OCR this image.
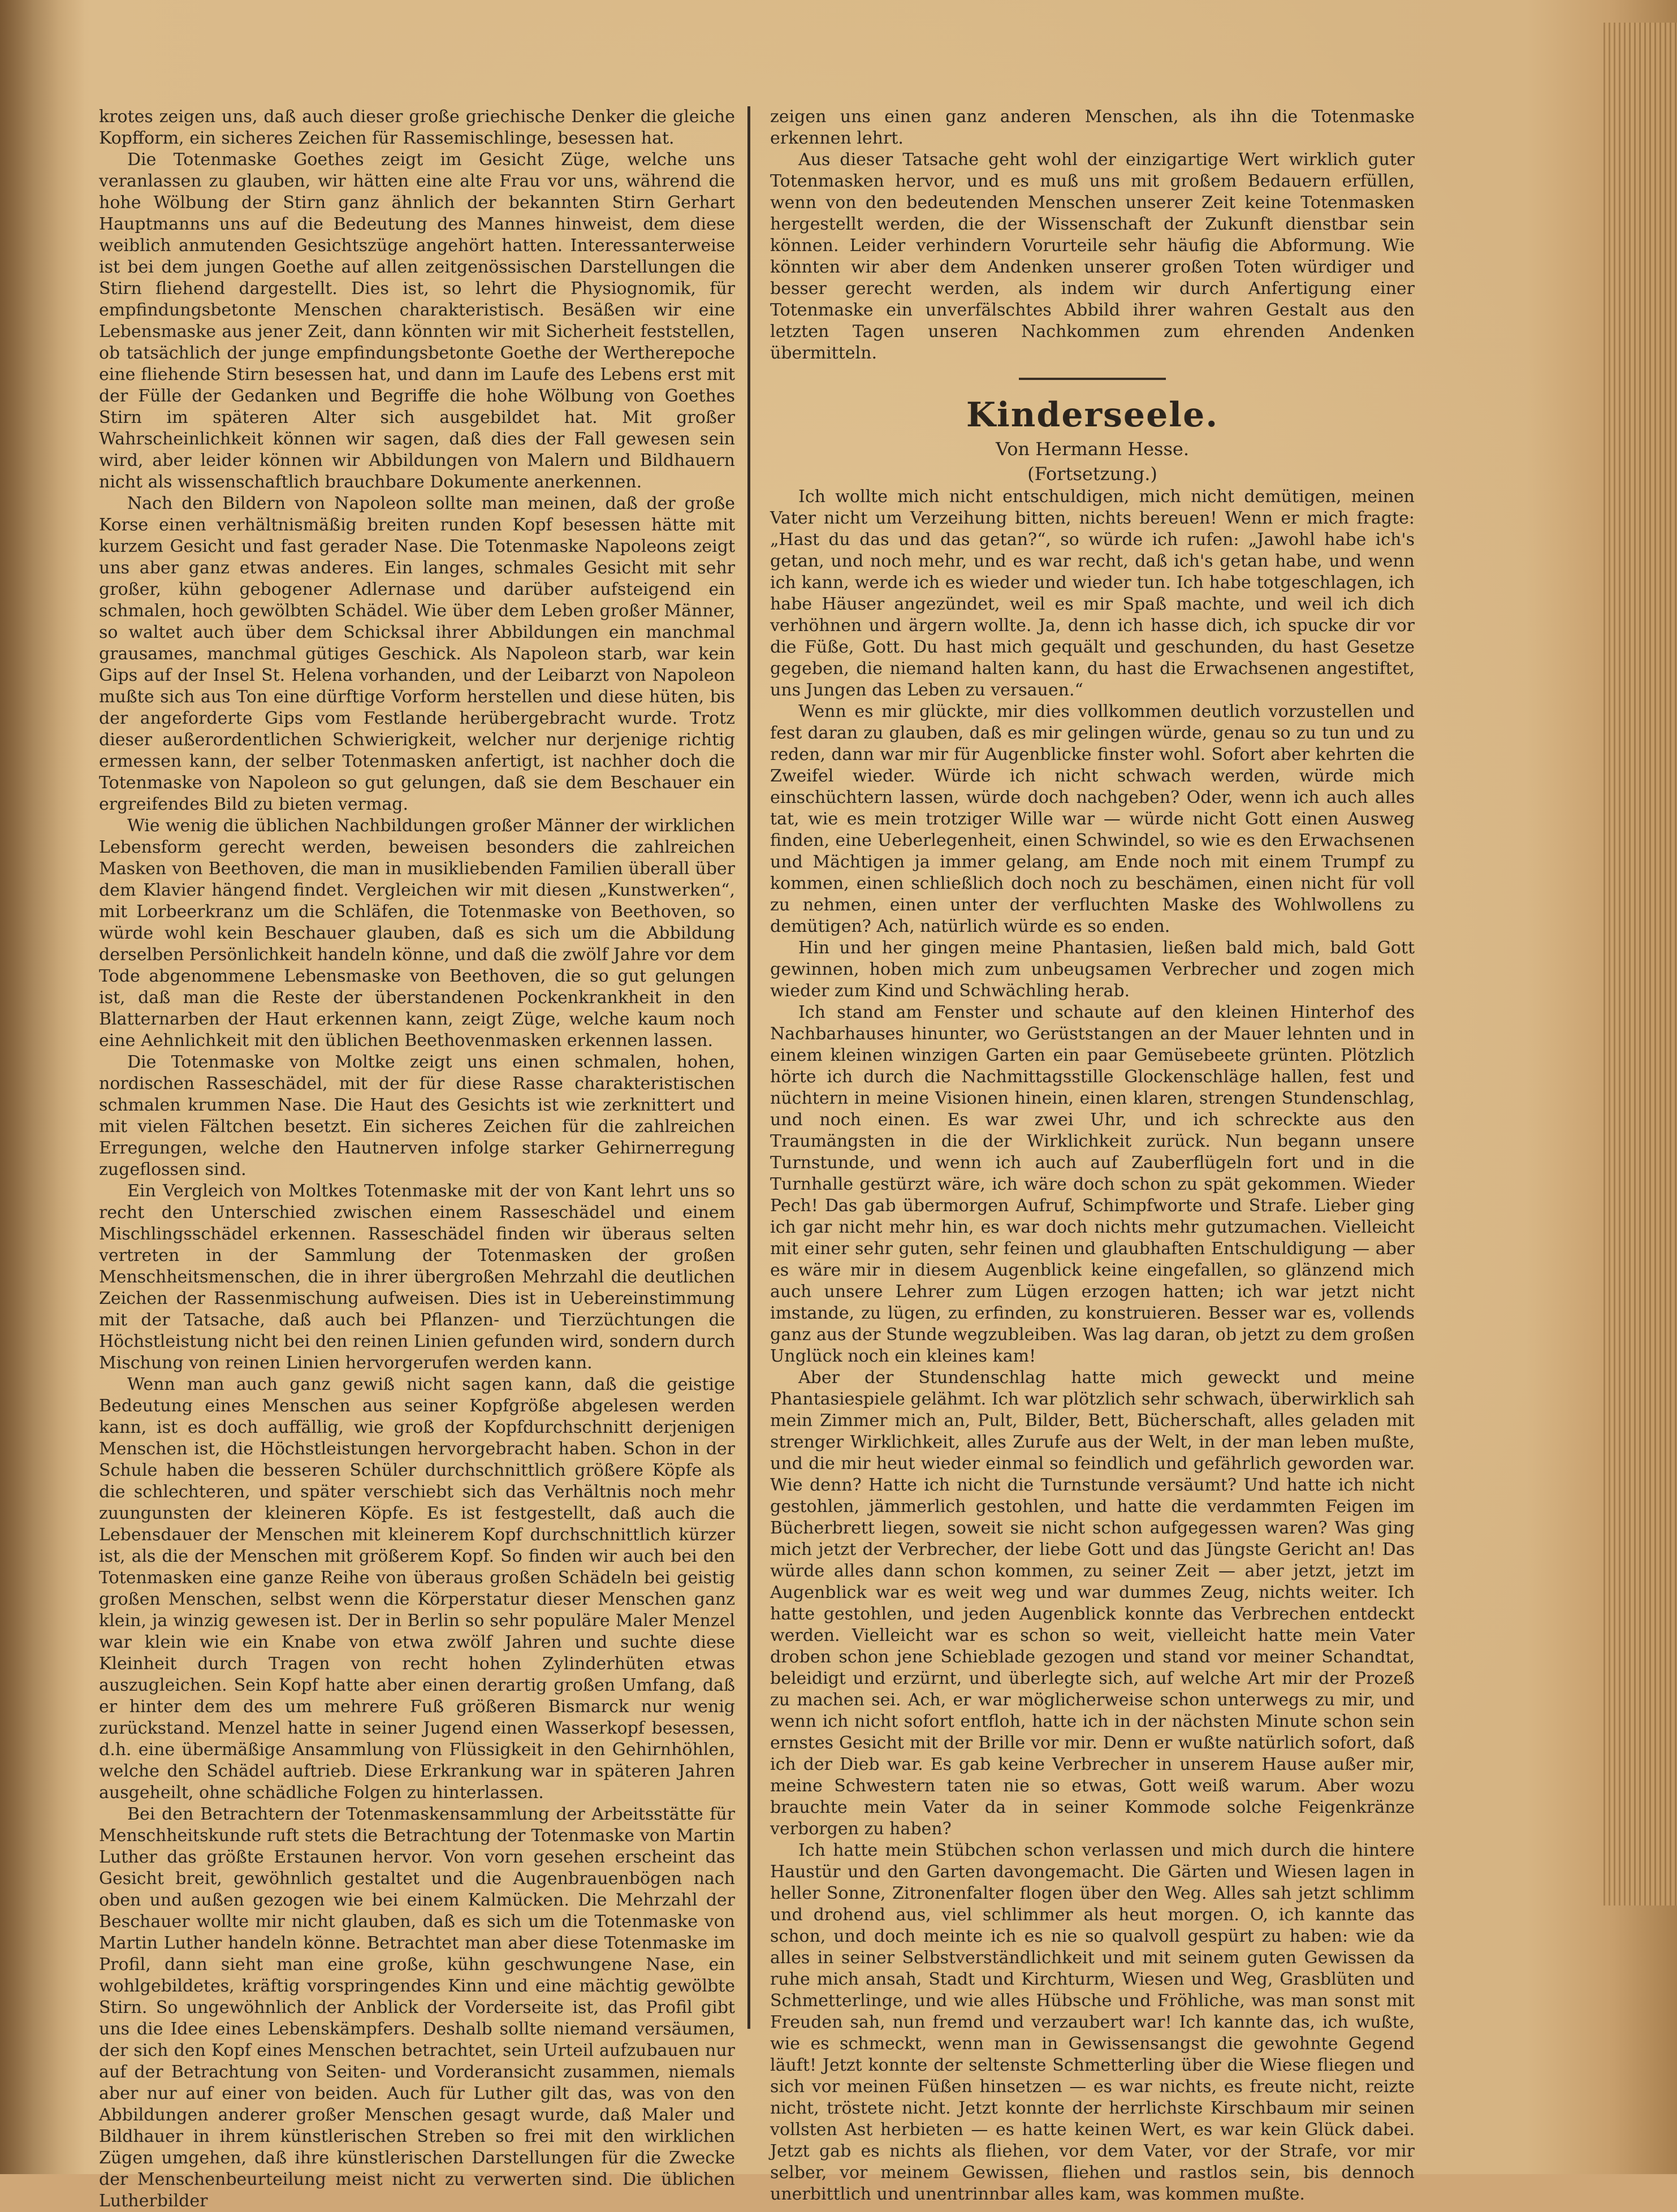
krotes zeigen uns, daß auch dieser große griechische Denker die gleiche Kopfform, ein sicheres Zeichen für Rassemischlinge, besessen hat.

Die Totenmaske Goethes zeigt im Gesicht Züge, welche uns veranlassen zu glauben, wir hätten eine alte Frau vor uns, während die hohe Wölbung der Stirn ganz ähnlich der bekannten Stirn Gerhart Hauptmanns uns auf die Bedeutung des Mannes hinweist, dem diese weiblich anmutenden Gesichtszüge angehört hatten. Interessanterweise ist bei dem jungen Goethe auf allen zeitgenössischen Darstellungen die Stirn fliehend dargestellt. Dies ist, so lehrt die Physiognomik, für empfindungsbetonte Menschen charakteristisch. Besäßen wir eine Lebensmaske aus jener Zeit, dann könnten wir mit Sicherheit feststellen, ob tatsächlich der junge empfindungsbetonte Goethe der Wertherepoche eine fliehende Stirn besessen hat, und dann im Laufe des Lebens erst mit der Fülle der Gedanken und Begriffe die hohe Wölbung von Goethes Stirn im späteren Alter sich ausgebildet hat. Mit großer Wahrscheinlichkeit können wir sagen, daß dies der Fall gewesen sein wird, aber leider können wir Abbildungen von Malern und Bildhauern nicht als wissenschaftlich brauchbare Dokumente anerkennen.

Nach den Bildern von Napoleon sollte man meinen, daß der große Korse einen verhältnismäßig breiten runden Kopf besessen hätte mit kurzem Gesicht und fast gerader Nase. Die Totenmaske Napoleons zeigt uns aber ganz etwas anderes. Ein langes, schmales Gesicht mit sehr großer, kühn gebogener Adlernase und darüber aufsteigend ein schmalen, hoch gewölbten Schädel. Wie über dem Leben großer Männer, so waltet auch über dem Schicksal ihrer Abbildungen ein manchmal grausames, manchmal gütiges Geschick. Als Napoleon starb, war kein Gips auf der Insel St. Helena vorhanden, und der Leibarzt von Napoleon mußte sich aus Ton eine dürftige Vorform herstellen und diese hüten, bis der angeforderte Gips vom Festlande herübergebracht wurde. Trotz dieser außerordentlichen Schwierigkeit, welcher nur derjenige richtig ermessen kann, der selber Totenmasken anfertigt, ist nachher doch die Totenmaske von Napoleon so gut gelungen, daß sie dem Beschauer ein ergreifendes Bild zu bieten vermag.

Wie wenig die üblichen Nachbildungen großer Männer der wirklichen Lebensform gerecht werden, beweisen besonders die zahlreichen Masken von Beethoven, die man in musikliebenden Familien überall über dem Klavier hängend findet. Vergleichen wir mit diesen „Kunstwerken“, mit Lorbeerkranz um die Schläfen, die Totenmaske von Beethoven, so würde wohl kein Beschauer glauben, daß es sich um die Abbildung derselben Persönlichkeit handeln könne, und daß die zwölf Jahre vor dem Tode abgenommene Lebensmaske von Beethoven, die so gut gelungen ist, daß man die Reste der überstandenen Pockenkrankheit in den Blatternarben der Haut erkennen kann, zeigt Züge, welche kaum noch eine Aehnlichkeit mit den üblichen Beethovenmasken erkennen lassen.

Die Totenmaske von Moltke zeigt uns einen schmalen, hohen, nordischen Rasseschädel, mit der für diese Rasse charakteristischen schmalen krummen Nase. Die Haut des Gesichts ist wie zerknittert und mit vielen Fältchen besetzt. Ein sicheres Zeichen für die zahlreichen Erregungen, welche den Hautnerven infolge starker Gehirnerregung zugeflossen sind.

Ein Vergleich von Moltkes Totenmaske mit der von Kant lehrt uns so recht den Unterschied zwischen einem Rasseschädel und einem Mischlingsschädel erkennen. Rasseschädel finden wir überaus selten vertreten in der Sammlung der Totenmasken der großen Menschheitsmenschen, die in ihrer übergroßen Mehrzahl die deutlichen Zeichen der Rassenmischung aufweisen. Dies ist in Uebereinstimmung mit der Tatsache, daß auch bei Pflanzen- und Tierzüchtungen die Höchstleistung nicht bei den reinen Linien gefunden wird, sondern durch Mischung von reinen Linien hervorgerufen werden kann.

Wenn man auch ganz gewiß nicht sagen kann, daß die geistige Bedeutung eines Menschen aus seiner Kopfgröße abgelesen werden kann, ist es doch auffällig, wie groß der Kopfdurchschnitt derjenigen Menschen ist, die Höchstleistungen hervorgebracht haben. Schon in der Schule haben die besseren Schüler durchschnittlich größere Köpfe als die schlechteren, und später verschiebt sich das Verhältnis noch mehr zuungunsten der kleineren Köpfe. Es ist festgestellt, daß auch die Lebensdauer der Menschen mit kleinerem Kopf durchschnittlich kürzer ist, als die der Menschen mit größerem Kopf. So finden wir auch bei den Totenmasken eine ganze Reihe von überaus großen Schädeln bei geistig großen Menschen, selbst wenn die Körperstatur dieser Menschen ganz klein, ja winzig gewesen ist. Der in Berlin so sehr populäre Maler Menzel war klein wie ein Knabe von etwa zwölf Jahren und suchte diese Kleinheit durch Tragen von recht hohen Zylinderhüten etwas auszugleichen. Sein Kopf hatte aber einen derartig großen Umfang, daß er hinter dem des um mehrere Fuß größeren Bismarck nur wenig zurückstand. Menzel hatte in seiner Jugend einen Wasserkopf besessen, d.h. eine übermäßige Ansammlung von Flüssigkeit in den Gehirnhöhlen, welche den Schädel auftrieb. Diese Erkrankung war in späteren Jahren ausgeheilt, ohne schädliche Folgen zu hinterlassen.

Bei den Betrachtern der Totenmaskensammlung der Arbeitsstätte für Menschheitskunde ruft stets die Betrachtung der Totenmaske von Martin Luther das größte Erstaunen hervor. Von vorn gesehen erscheint das Gesicht breit, gewöhnlich gestaltet und die Augenbrauenbögen nach oben und außen gezogen wie bei einem Kalmücken. Die Mehrzahl der Beschauer wollte mir nicht glauben, daß es sich um die Totenmaske von Martin Luther handeln könne. Betrachtet man aber diese Totenmaske im Profil, dann sieht man eine große, kühn geschwungene Nase, ein wohlgebildetes, kräftig vorspringendes Kinn und eine mächtig gewölbte Stirn. So ungewöhnlich der Anblick der Vorderseite ist, das Profil gibt uns die Idee eines Lebenskämpfers. Deshalb sollte niemand versäumen, der sich den Kopf eines Menschen betrachtet, sein Urteil aufzubauen nur auf der Betrachtung von Seiten- und Vorderansicht zusammen, niemals aber nur auf einer von beiden. Auch für Luther gilt das, was von den Abbildungen anderer großer Menschen gesagt wurde, daß Maler und Bildhauer in ihrem künstlerischen Streben so frei mit den wirklichen Zügen umgehen, daß ihre künstlerischen Darstellungen für die Zwecke der Menschenbeurteilung meist nicht zu verwerten sind. Die üblichen Lutherbilder

zeigen uns einen ganz anderen Menschen, als ihn die Totenmaske erkennen lehrt.

Aus dieser Tatsache geht wohl der einzigartige Wert wirklich guter Totenmasken hervor, und es muß uns mit großem Bedauern erfüllen, wenn von den bedeutenden Menschen unserer Zeit keine Totenmasken hergestellt werden, die der Wissenschaft der Zukunft dienstbar sein können. Leider verhindern Vorurteile sehr häufig die Abformung. Wie könnten wir aber dem Andenken unserer großen Toten würdiger und besser gerecht werden, als indem wir durch Anfertigung einer Totenmaske ein unverfälschtes Abbild ihrer wahren Gestalt aus den letzten Tagen unseren Nachkommen zum ehrenden Andenken übermitteln.

Kinderseele.
Von Hermann Hesse.
(Fortsetzung.)

Ich wollte mich nicht entschuldigen, mich nicht demütigen, meinen Vater nicht um Verzeihung bitten, nichts bereuen! Wenn er mich fragte: „Hast du das und das getan?“, so würde ich rufen: „Jawohl habe ich's getan, und noch mehr, und es war recht, daß ich's getan habe, und wenn ich kann, werde ich es wieder und wieder tun. Ich habe totgeschlagen, ich habe Häuser angezündet, weil es mir Spaß machte, und weil ich dich verhöhnen und ärgern wollte. Ja, denn ich hasse dich, ich spucke dir vor die Füße, Gott. Du hast mich gequält und geschunden, du hast Gesetze gegeben, die niemand halten kann, du hast die Erwachsenen angestiftet, uns Jungen das Leben zu versauen.“

Wenn es mir glückte, mir dies vollkommen deutlich vorzustellen und fest daran zu glauben, daß es mir gelingen würde, genau so zu tun und zu reden, dann war mir für Augenblicke finster wohl. Sofort aber kehrten die Zweifel wieder. Würde ich nicht schwach werden, würde mich einschüchtern lassen, würde doch nachgeben? Oder, wenn ich auch alles tat, wie es mein trotziger Wille war — würde nicht Gott einen Ausweg finden, eine Ueberlegenheit, einen Schwindel, so wie es den Erwachsenen und Mächtigen ja immer gelang, am Ende noch mit einem Trumpf zu kommen, einen schließlich doch noch zu beschämen, einen nicht für voll zu nehmen, einen unter der verfluchten Maske des Wohlwollens zu demütigen? Ach, natürlich würde es so enden.

Hin und her gingen meine Phantasien, ließen bald mich, bald Gott gewinnen, hoben mich zum unbeugsamen Verbrecher und zogen mich wieder zum Kind und Schwächling herab.

Ich stand am Fenster und schaute auf den kleinen Hinterhof des Nachbarhauses hinunter, wo Gerüststangen an der Mauer lehnten und in einem kleinen winzigen Garten ein paar Gemüsebeete grünten. Plötzlich hörte ich durch die Nachmittagsstille Glockenschläge hallen, fest und nüchtern in meine Visionen hinein, einen klaren, strengen Stundenschlag, und noch einen. Es war zwei Uhr, und ich schreckte aus den Traumängsten in die der Wirklichkeit zurück. Nun begann unsere Turnstunde, und wenn ich auch auf Zauberflügeln fort und in die Turnhalle gestürzt wäre, ich wäre doch schon zu spät gekommen. Wieder Pech! Das gab übermorgen Aufruf, Schimpfworte und Strafe. Lieber ging ich gar nicht mehr hin, es war doch nichts mehr gutzumachen. Vielleicht mit einer sehr guten, sehr feinen und glaubhaften Entschuldigung — aber es wäre mir in diesem Augenblick keine eingefallen, so glänzend mich auch unsere Lehrer zum Lügen erzogen hatten; ich war jetzt nicht imstande, zu lügen, zu erfinden, zu konstruieren. Besser war es, vollends ganz aus der Stunde wegzubleiben. Was lag daran, ob jetzt zu dem großen Unglück noch ein kleines kam!

Aber der Stundenschlag hatte mich geweckt und meine Phantasiespiele gelähmt. Ich war plötzlich sehr schwach, überwirklich sah mein Zimmer mich an, Pult, Bilder, Bett, Bücherschaft, alles geladen mit strenger Wirklichkeit, alles Zurufe aus der Welt, in der man leben mußte, und die mir heut wieder einmal so feindlich und gefährlich geworden war. Wie denn? Hatte ich nicht die Turnstunde versäumt? Und hatte ich nicht gestohlen, jämmerlich gestohlen, und hatte die verdammten Feigen im Bücherbrett liegen, soweit sie nicht schon aufgegessen waren? Was ging mich jetzt der Verbrecher, der liebe Gott und das Jüngste Gericht an! Das würde alles dann schon kommen, zu seiner Zeit — aber jetzt, jetzt im Augenblick war es weit weg und war dummes Zeug, nichts weiter. Ich hatte gestohlen, und jeden Augenblick konnte das Verbrechen entdeckt werden. Vielleicht war es schon so weit, vielleicht hatte mein Vater droben schon jene Schieblade gezogen und stand vor meiner Schandtat, beleidigt und erzürnt, und überlegte sich, auf welche Art mir der Prozeß zu machen sei. Ach, er war möglicherweise schon unterwegs zu mir, und wenn ich nicht sofort entfloh, hatte ich in der nächsten Minute schon sein ernstes Gesicht mit der Brille vor mir. Denn er wußte natürlich sofort, daß ich der Dieb war. Es gab keine Verbrecher in unserem Hause außer mir, meine Schwestern taten nie so etwas, Gott weiß warum. Aber wozu brauchte mein Vater da in seiner Kommode solche Feigenkränze verborgen zu haben?

Ich hatte mein Stübchen schon verlassen und mich durch die hintere Haustür und den Garten davongemacht. Die Gärten und Wiesen lagen in heller Sonne, Zitronenfalter flogen über den Weg. Alles sah jetzt schlimm und drohend aus, viel schlimmer als heut morgen. O, ich kannte das schon, und doch meinte ich es nie so qualvoll gespürt zu haben: wie da alles in seiner Selbstverständlichkeit und mit seinem guten Gewissen da ruhe mich ansah, Stadt und Kirchturm, Wiesen und Weg, Grasblüten und Schmetterlinge, und wie alles Hübsche und Fröhliche, was man sonst mit Freuden sah, nun fremd und verzaubert war! Ich kannte das, ich wußte, wie es schmeckt, wenn man in Gewissensangst die gewohnte Gegend läuft! Jetzt konnte der seltenste Schmetterling über die Wiese fliegen und sich vor meinen Füßen hinsetzen — es war nichts, es freute nicht, reizte nicht, tröstete nicht. Jetzt konnte der herrlichste Kirschbaum mir seinen vollsten Ast herbieten — es hatte keinen Wert, es war kein Glück dabei. Jetzt gab es nichts als fliehen, vor dem Vater, vor der Strafe, vor mir selber, vor meinem Gewissen, fliehen und rastlos sein, bis dennoch unerbittlich und unentrinnbar alles kam, was kommen mußte.
